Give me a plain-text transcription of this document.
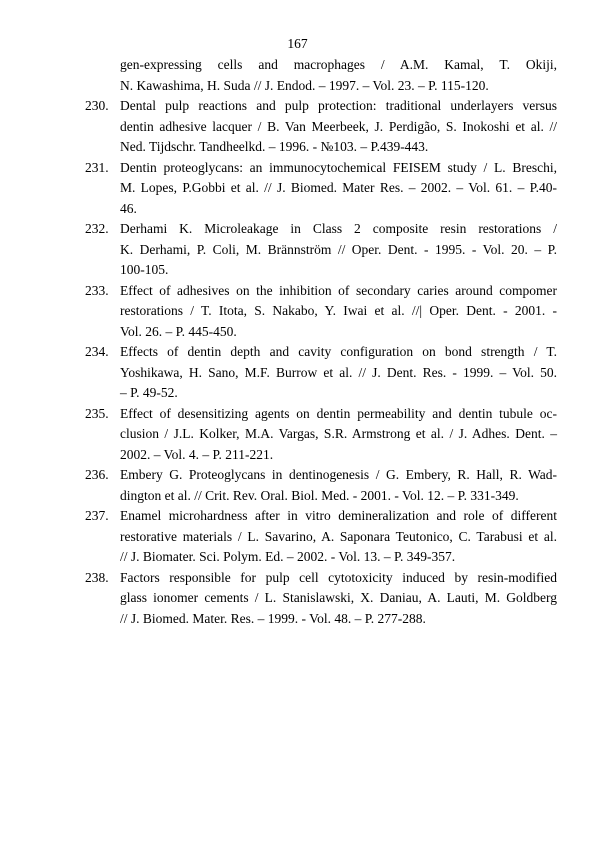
167
gen-expressing cells and macrophages / A.M. Kamal, T. Okiji,
N. Kawashima, H. Suda // J. Endod. – 1997. – Vol. 23. – P. 115-120.
230. Dental pulp reactions and pulp protection: traditional underlayers versus
dentin adhesive lacquer / B. Van Meerbeek, J. Perdigão, S. Inokoshi et al. //
Ned. Tijdschr. Tandheelkd. – 1996. - №103. – P.439-443.
231. Dentin proteoglycans: an immunocytochemical FEISEM study / L. Breschi,
M. Lopes, P.Gobbi et al. // J. Biomed. Mater Res. – 2002. – Vol. 61. – P.40-
46.
232. Derhami K. Microleakage in Class 2 composite resin restorations /
K. Derhami, P. Coli, M. Brännström // Oper. Dent. - 1995. - Vol. 20. – P.
100-105.
233. Effect of adhesives on the inhibition of secondary caries around compomer
restorations / T. Itota, S. Nakabo, Y. Iwai et al. //| Oper. Dent. - 2001. -
Vol. 26. – P. 445-450.
234. Effects of dentin depth and cavity configuration on bond strength / T.
Yoshikawa, H. Sano, M.F. Burrow et al. // J. Dent. Res. - 1999. – Vol. 50.
– P. 49-52.
235. Effect of desensitizing agents on dentin permeability and dentin tubule oc-
clusion / J.L. Kolker, M.A. Vargas, S.R. Armstrong et al. / J. Adhes. Dent. –
2002. – Vol. 4. – P. 211-221.
236. Embery G. Proteoglycans in dentinogenesis / G. Embery, R. Hall, R. Wad-
dington et al. // Crit. Rev. Oral. Biol. Med. - 2001. - Vol. 12. – P. 331-349.
237. Enamel microhardness after in vitro demineralization and role of different
restorative materials / L. Savarino, A. Saponara Teutonico, C. Tarabusi et al.
// J. Biomater. Sci. Polym. Ed. – 2002. - Vol. 13. – P. 349-357.
238. Factors responsible for pulp cell cytotoxicity induced by resin-modified
glass ionomer cements / L. Stanislawski, X. Daniau, A. Lauti, M. Goldberg
// J. Biomed. Mater. Res. – 1999. - Vol. 48. – P. 277-288.
